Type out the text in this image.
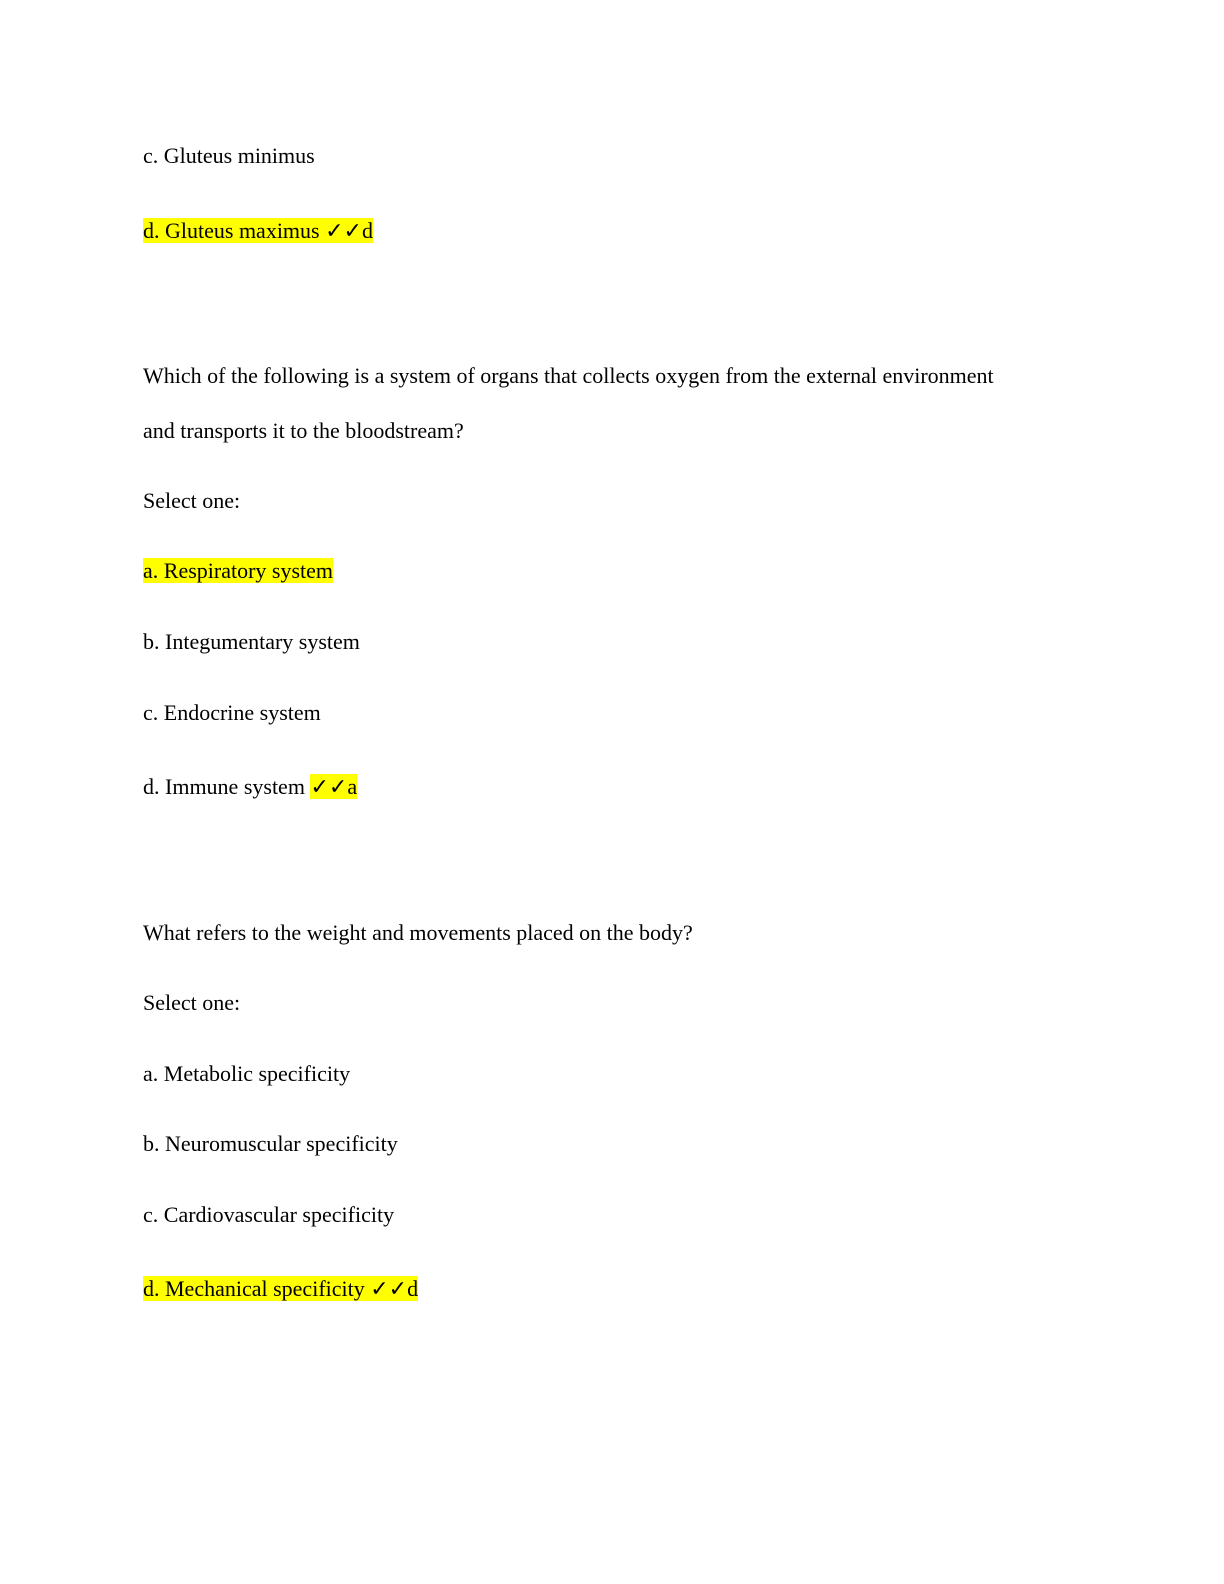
c. Gluteus minimus
d. Gluteus maximus ✓✓d
Which of the following is a system of organs that collects oxygen from the external environment
and transports it to the bloodstream?
Select one:
a. Respiratory system
b. Integumentary system
c. Endocrine system
d. Immune system ✓✓a
What refers to the weight and movements placed on the body?
Select one:
a. Metabolic specificity
b. Neuromuscular specificity
c. Cardiovascular specificity
d. Mechanical specificity ✓✓d
